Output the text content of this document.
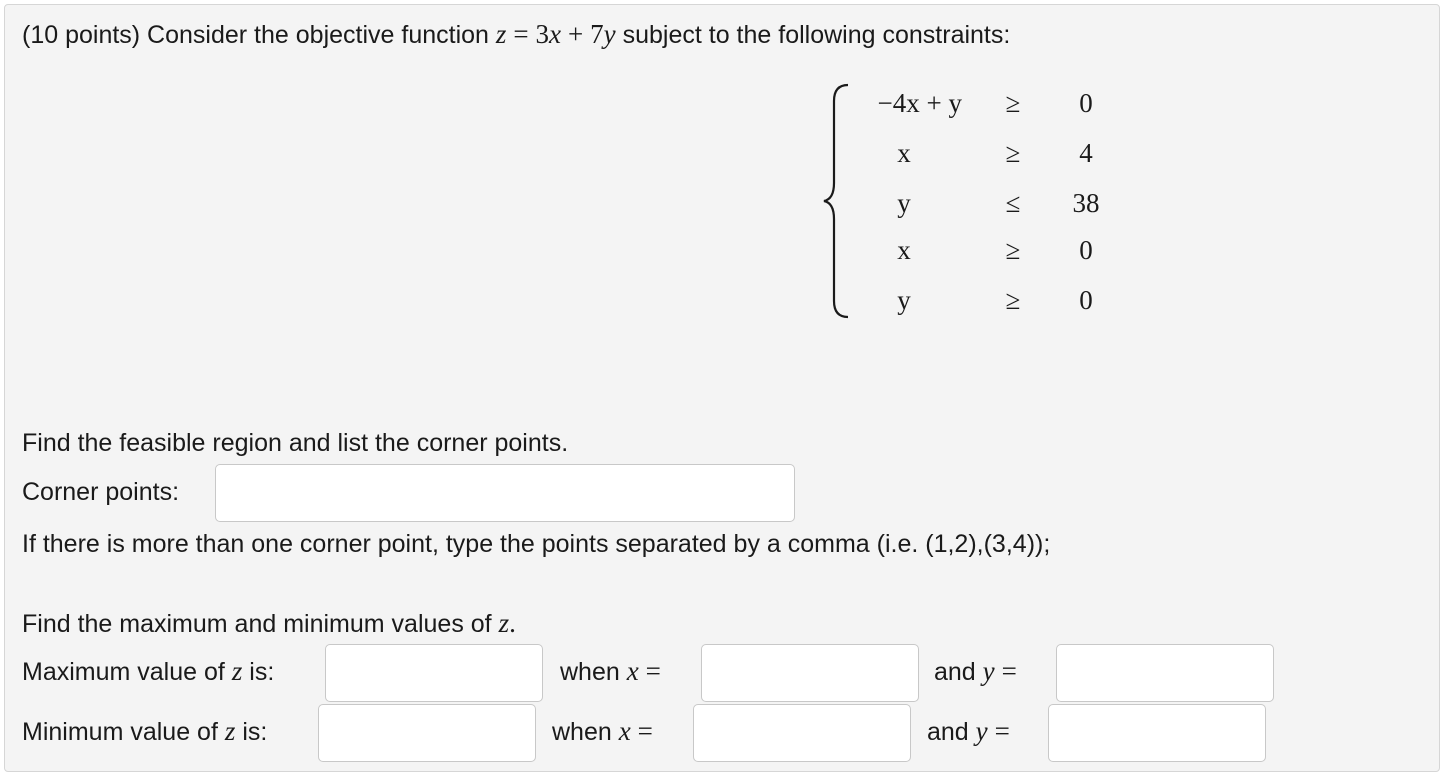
(10 points) Consider the objective function z = 3x + 7y subject to the following constraints:
−4x + y ≥	0
x	≥	4
y	≤	38
x	≥	0
y	≥	0
Find the feasible region and list the corner points.
Corner points:
If there is more than one corner point, type the points separated by a comma (i.e. (1,2),(3,4));
Find the maximum and minimum values of z.
Maximum value of z is:	when x =	and y =
Minimum value of z is:	when x =	and y =
